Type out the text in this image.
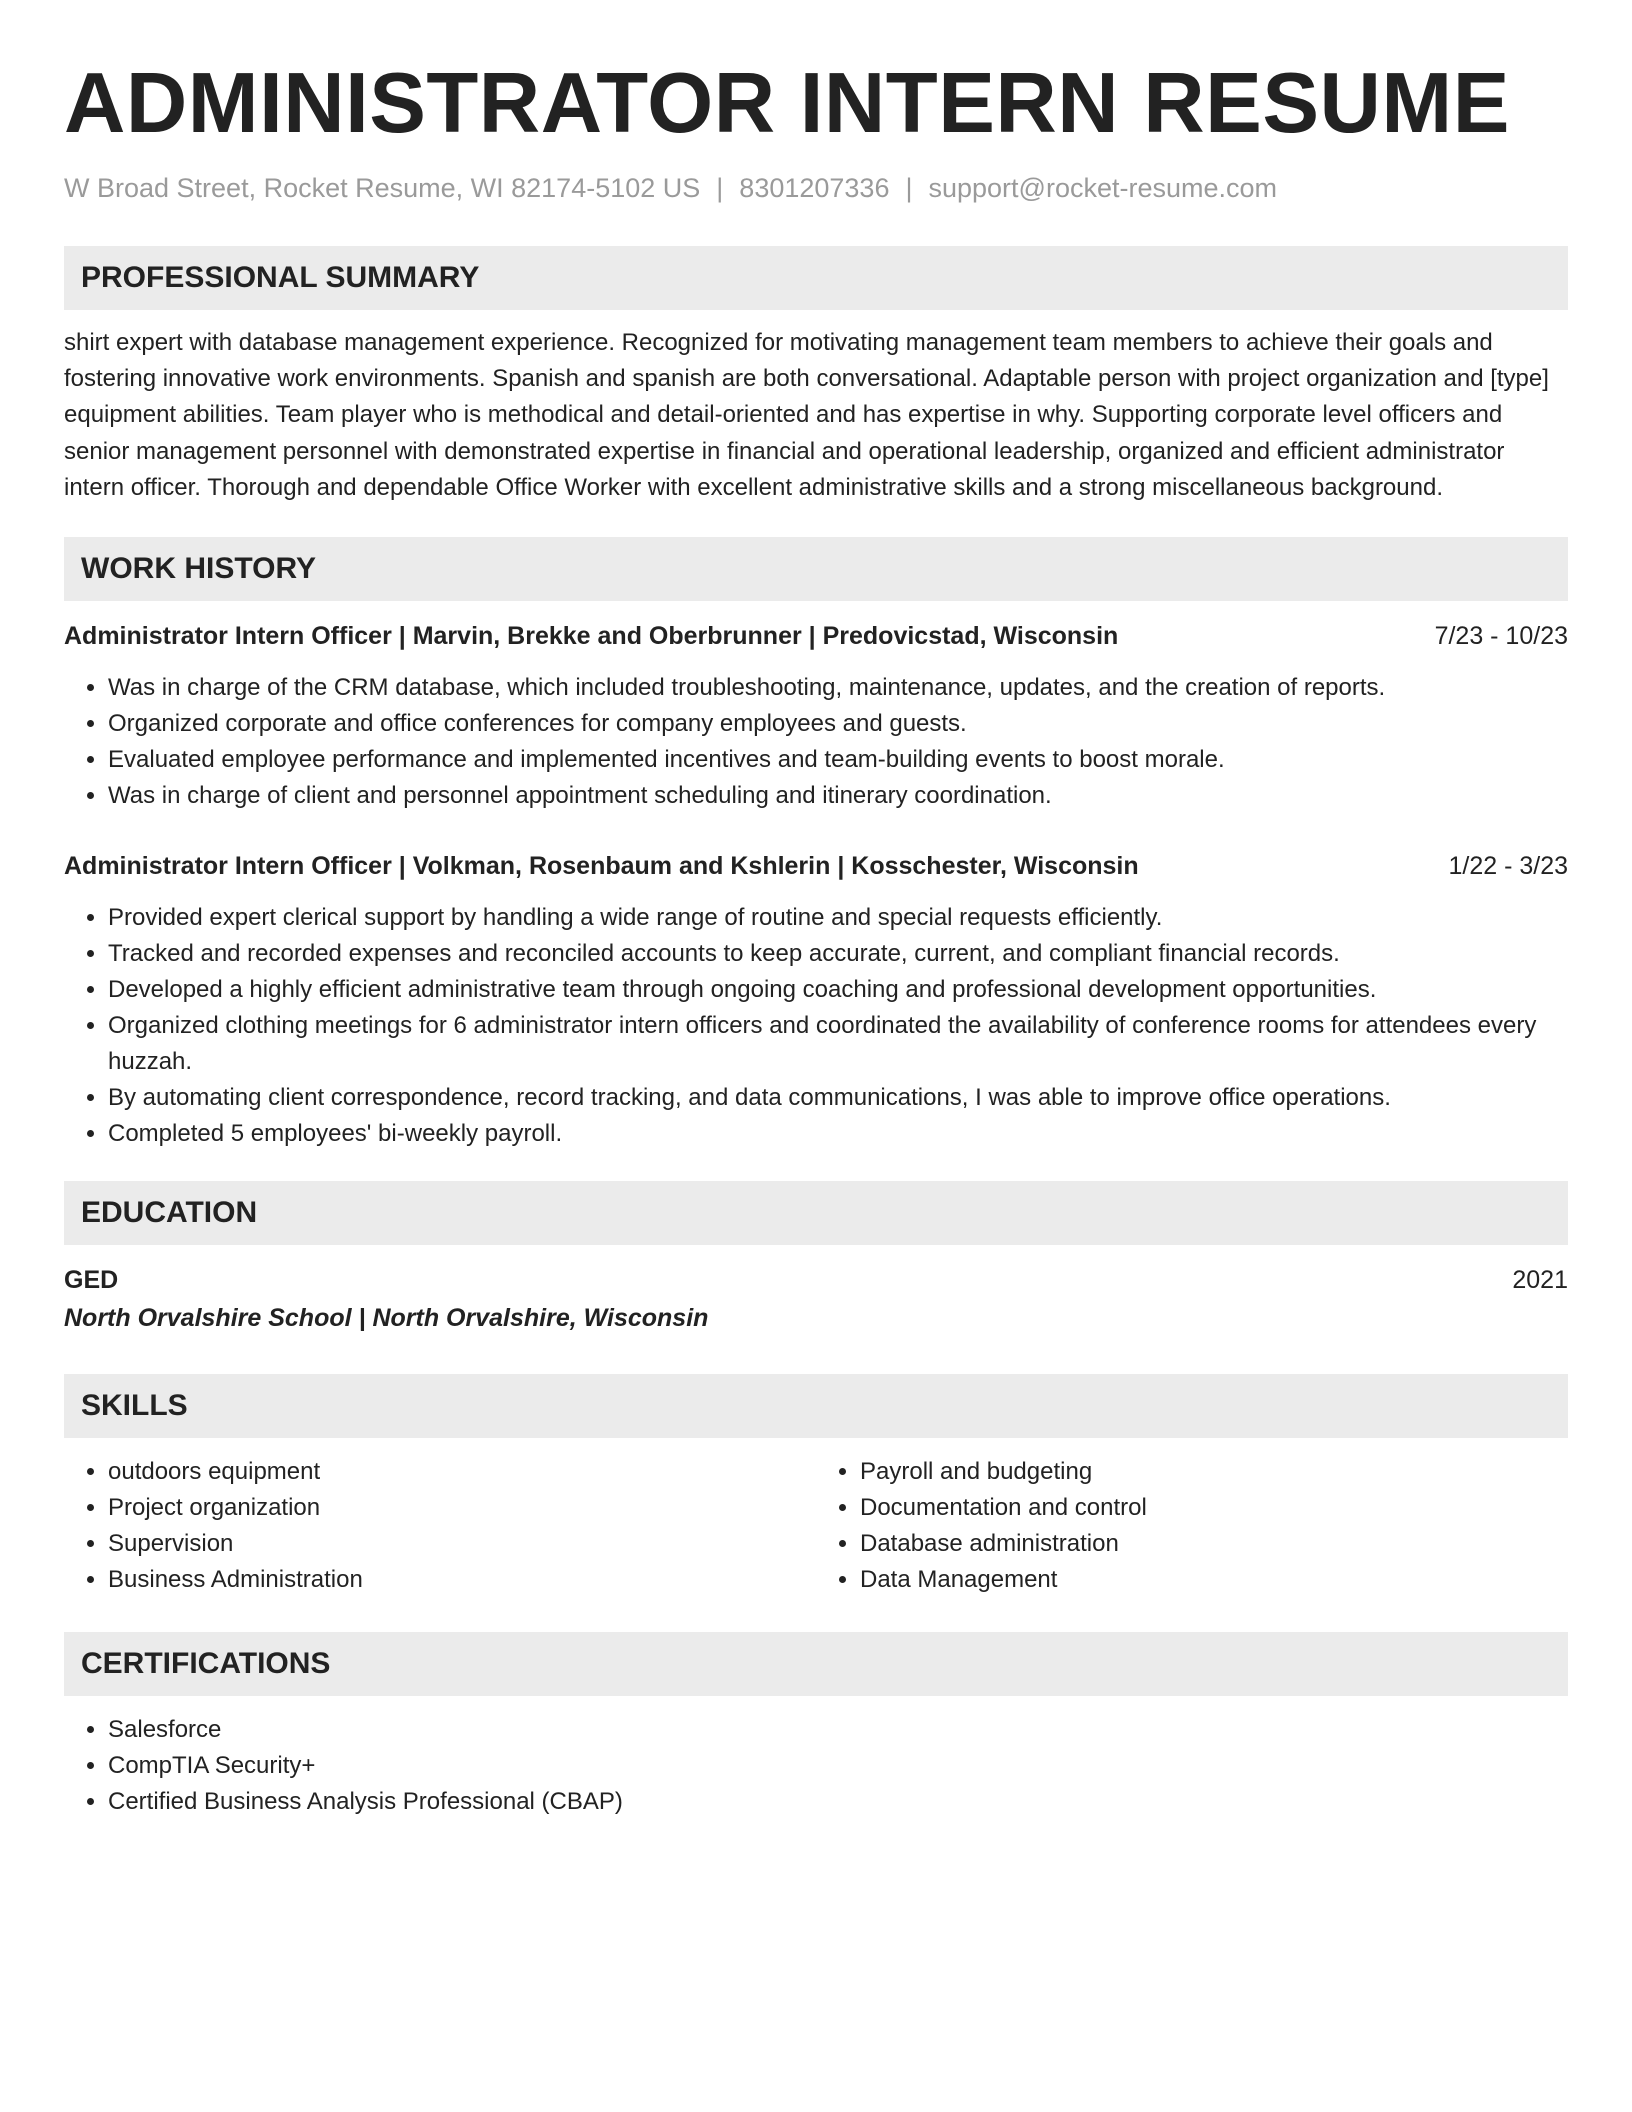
ADMINISTRATOR INTERN RESUME
W Broad Street, Rocket Resume, WI 82174-5102 US | 8301207336 | support@rocket-resume.com
PROFESSIONAL SUMMARY
shirt expert with database management experience. Recognized for motivating management team members to achieve their goals and fostering innovative work environments. Spanish and spanish are both conversational. Adaptable person with project organization and [type] equipment abilities. Team player who is methodical and detail-oriented and has expertise in why. Supporting corporate level officers and senior management personnel with demonstrated expertise in financial and operational leadership, organized and efficient administrator intern officer. Thorough and dependable Office Worker with excellent administrative skills and a strong miscellaneous background.
WORK HISTORY
Administrator Intern Officer | Marvin, Brekke and Oberbrunner | Predovicstad, Wisconsin	7/23 - 10/23
• Was in charge of the CRM database, which included troubleshooting, maintenance, updates, and the creation of reports.
• Organized corporate and office conferences for company employees and guests.
• Evaluated employee performance and implemented incentives and team-building events to boost morale.
• Was in charge of client and personnel appointment scheduling and itinerary coordination.
Administrator Intern Officer | Volkman, Rosenbaum and Kshlerin | Kosschester, Wisconsin	1/22 - 3/23
• Provided expert clerical support by handling a wide range of routine and special requests efficiently.
• Tracked and recorded expenses and reconciled accounts to keep accurate, current, and compliant financial records.
• Developed a highly efficient administrative team through ongoing coaching and professional development opportunities.
• Organized clothing meetings for 6 administrator intern officers and coordinated the availability of conference rooms for attendees every huzzah.
• By automating client correspondence, record tracking, and data communications, I was able to improve office operations.
• Completed 5 employees' bi-weekly payroll.
EDUCATION
GED	2021
North Orvalshire School | North Orvalshire, Wisconsin
SKILLS
• outdoors equipment
• Project organization
• Supervision
• Business Administration
• Payroll and budgeting
• Documentation and control
• Database administration
• Data Management
CERTIFICATIONS
• Salesforce
• CompTIA Security+
• Certified Business Analysis Professional (CBAP)
